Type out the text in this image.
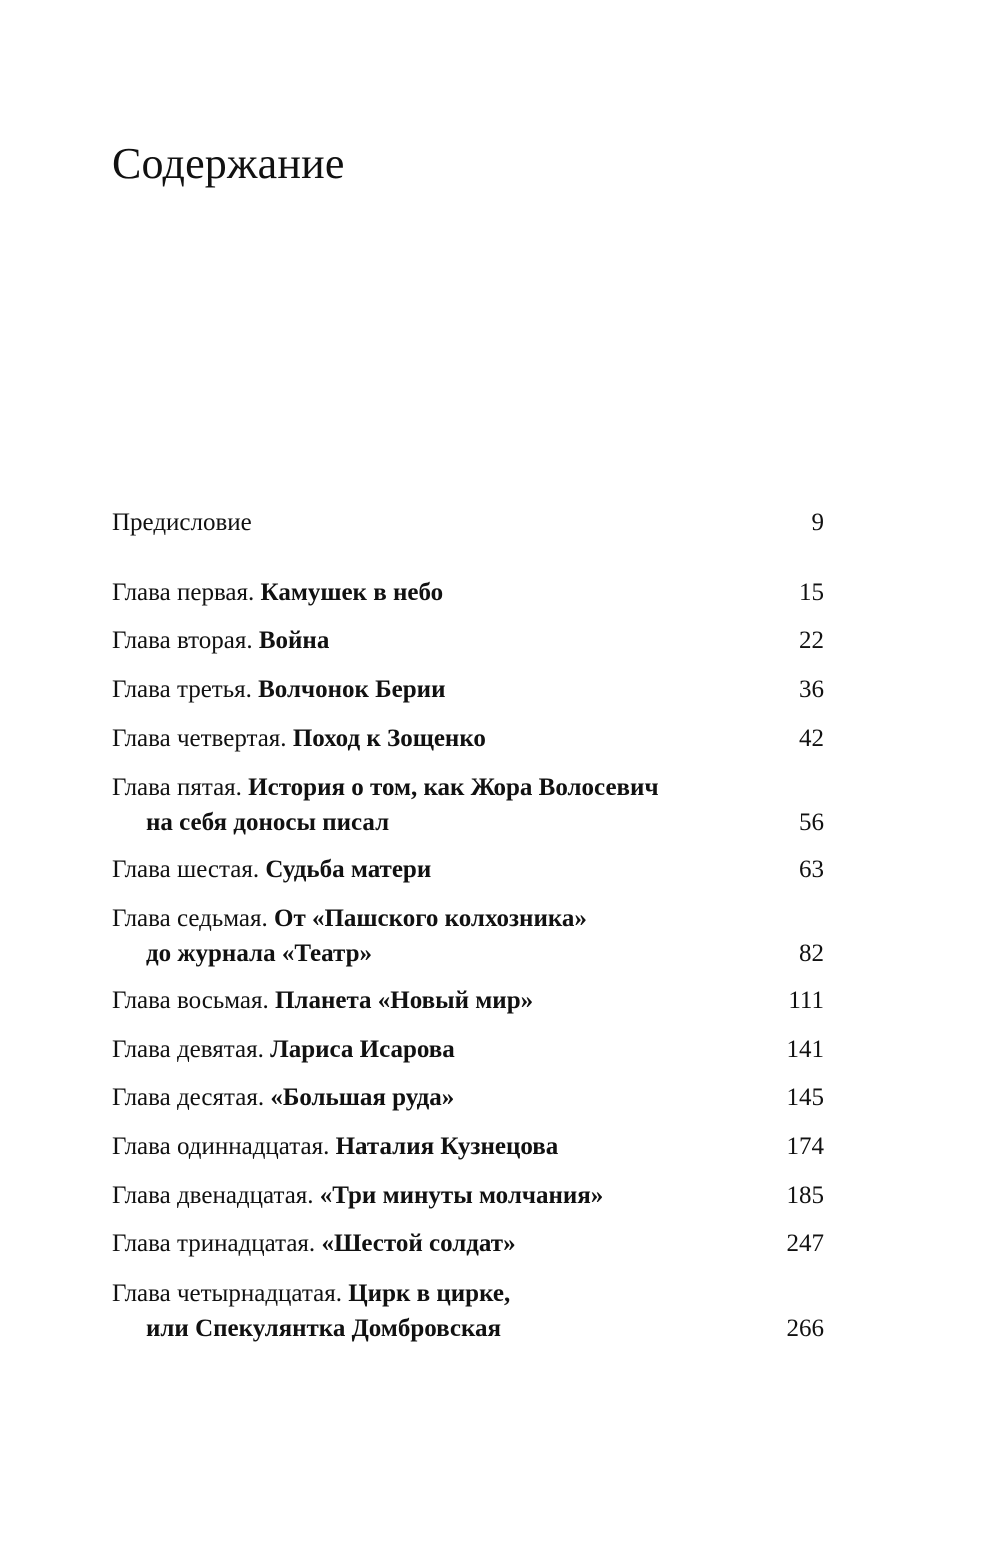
Содержание
Предисловие	9
Глава первая. Камушек в небо	15
Глава вторая. Война	22
Глава третья. Волчонок Берии	36
Глава четвертая. Поход к Зощенко	42
Глава пятая. История о том, как Жора Волосевич
на себя доносы писал	56
Глава шестая. Судьба матери	63
Глава седьмая. От «Пашского колхозника»
до журнала «Театр»	82
Глава восьмая. Планета «Новый мир»	111
Глава девятая. Лариса Исарова	141
Глава десятая. «Большая руда»	145
Глава одиннадцатая. Наталия Кузнецова	174
Глава двенадцатая. «Три минуты молчания»	185
Глава тринадцатая. «Шестой солдат»	247
Глава четырнадцатая. Цирк в цирке,
или Спекулянтка Домбровская	266
